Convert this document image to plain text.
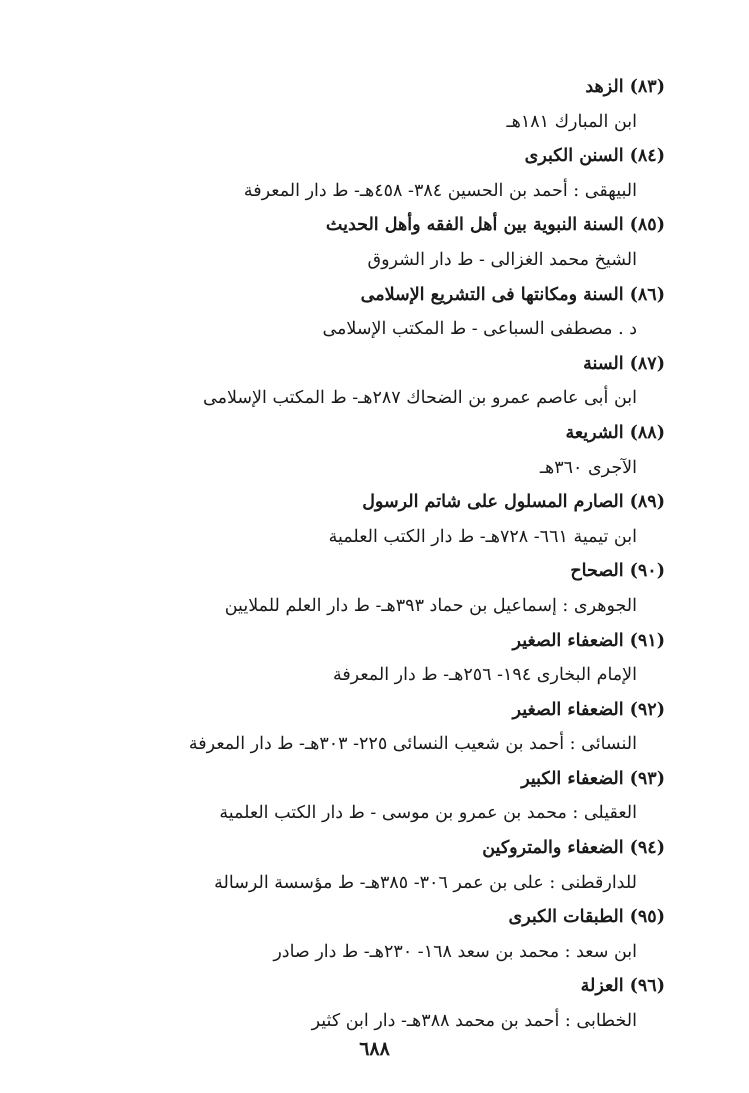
(٨٣)الزهد
ابن المبارك ١٨١هـ
(٨٤)السنن الكبرى
البيهقى : أحمد بن الحسين ٣٨٤- ٤٥٨هـ- ط دار المعرفة
(٨٥)السنة النبوية بين أهل الفقه وأهل الحديث
الشيخ محمد الغزالى - ط دار الشروق
(٨٦)السنة ومكانتها فى التشريع الإسلامى
د . مصطفى السباعى - ط المكتب الإسلامى
(٨٧)السنة
ابن أبى عاصم عمرو بن الضحاك ٢٨٧هـ- ط المكتب الإسلامى
(٨٨)الشريعة
الآجرى ٣٦٠هـ
(٨٩)الصارم المسلول على شاتم الرسول
ابن تيمية ٦٦١- ٧٢٨هـ- ط دار الكتب العلمية
(٩٠)الصحاح
الجوهرى : إسماعيل بن حماد ٣٩٣هـ- ط دار العلم للملايين
(٩١)الضعفاء الصغير
الإمام البخارى ١٩٤- ٢٥٦هـ- ط دار المعرفة
(٩٢)الضعفاء الصغير
النسائى : أحمد بن شعيب النسائى ٢٢٥- ٣٠٣هـ- ط دار المعرفة
(٩٣)الضعفاء الكبير
العقيلى : محمد بن عمرو بن موسى - ط دار الكتب العلمية
(٩٤)الضعفاء والمتروكين
للدارقطنى : على بن عمر ٣٠٦- ٣٨٥هـ- ط مؤسسة الرسالة
(٩٥)الطبقات الكبرى
ابن سعد : محمد بن سعد ١٦٨- ٢٣٠هـ- ط دار صادر
(٩٦)العزلة
الخطابى : أحمد بن محمد ٣٨٨هـ- دار ابن كثير
٦٨٨
